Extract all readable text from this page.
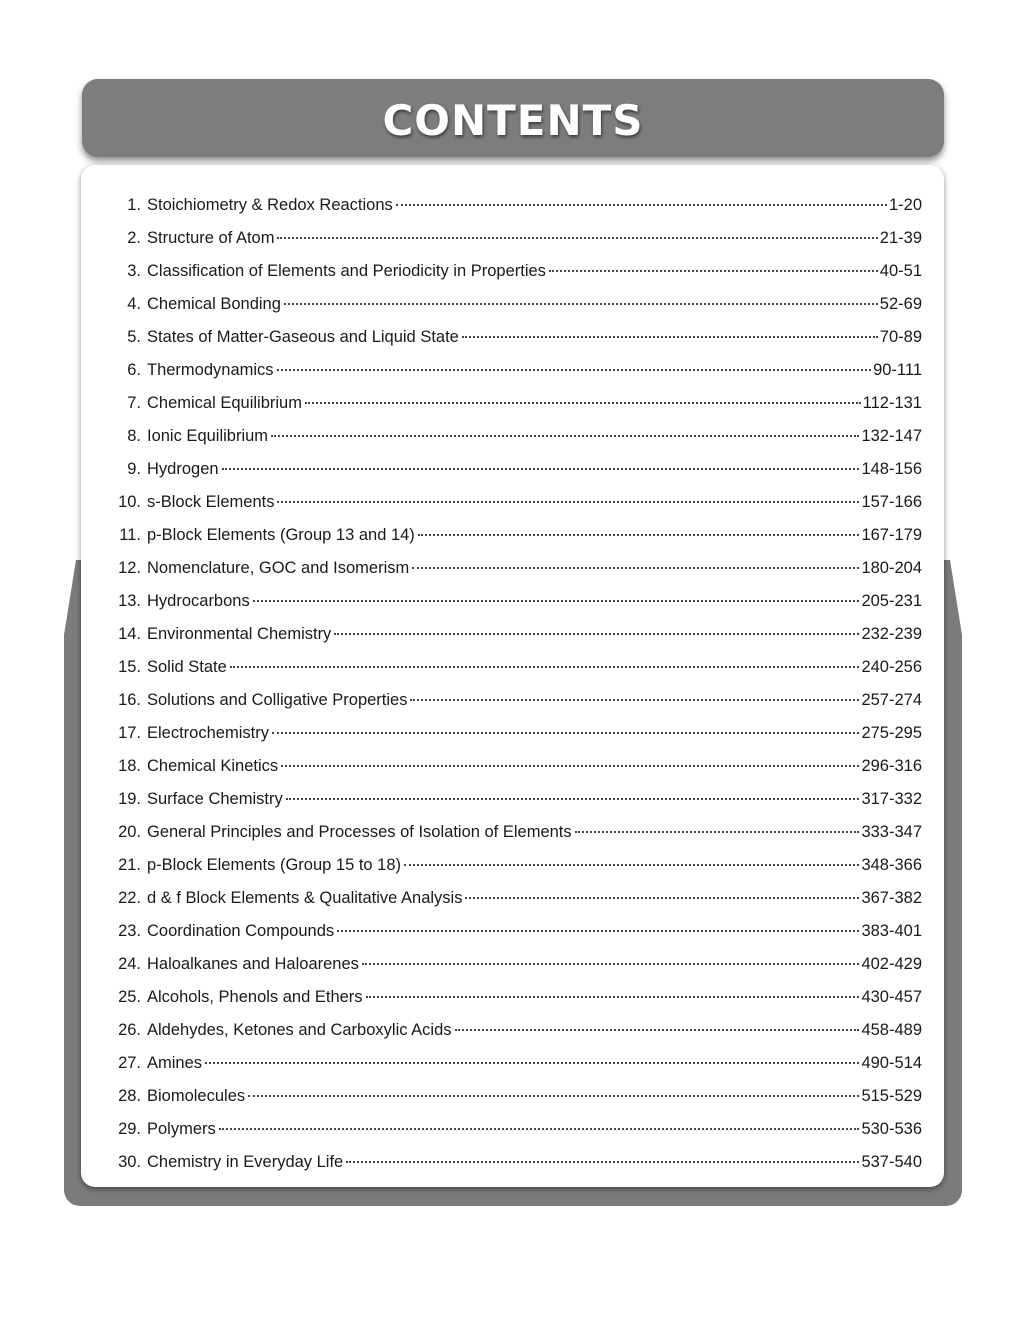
CONTENTS
1. Stoichiometry & Redox Reactions	1-20
2. Structure of Atom	21-39
3. Classification of Elements and Periodicity in Properties	40-51
4. Chemical Bonding	52-69
5. States of Matter-Gaseous and Liquid State	70-89
6. Thermodynamics	90-111
7. Chemical Equilibrium	112-131
8. Ionic Equilibrium	132-147
9. Hydrogen	148-156
10. s-Block Elements	157-166
11. p-Block Elements (Group 13 and 14)	167-179
12. Nomenclature, GOC and Isomerism	180-204
13. Hydrocarbons	205-231
14. Environmental Chemistry	232-239
15. Solid State	240-256
16. Solutions and Colligative Properties	257-274
17. Electrochemistry	275-295
18. Chemical Kinetics	296-316
19. Surface Chemistry	317-332
20. General Principles and Processes of Isolation of Elements	333-347
21. p-Block Elements (Group 15 to 18)	348-366
22. d & f Block Elements & Qualitative Analysis	367-382
23. Coordination Compounds	383-401
24. Haloalkanes and Haloarenes	402-429
25. Alcohols, Phenols and Ethers	430-457
26. Aldehydes, Ketones and Carboxylic Acids	458-489
27. Amines	490-514
28. Biomolecules	515-529
29. Polymers	530-536
30. Chemistry in Everyday Life	537-540
